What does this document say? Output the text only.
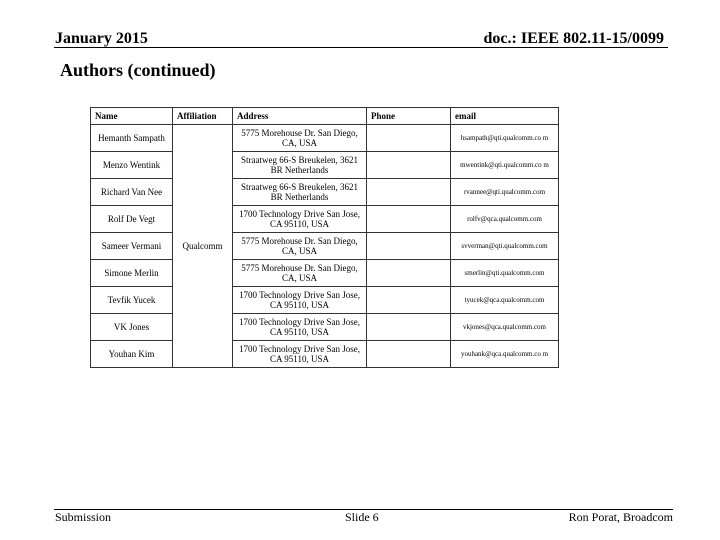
January 2015	doc.: IEEE 802.11-15/0099
Authors (continued)
Name	Affiliation	Address	Phone	email
Hemanth Sampath	Qualcomm	5775 Morehouse Dr. San Diego, CA, USA		hsampath@qti.qualcomm.co m
Menzo Wentink		Straatweg 66-S Breukelen, 3621 BR Netherlands		mwentink@qti.qualcomm.co m
Richard Van Nee		Straatweg 66-S Breukelen, 3621 BR Netherlands		rvannee@qti.qualcomm.com
Rolf De Vegt		1700 Technology Drive San Jose, CA 95110, USA		rolfv@qca.qualcomm.com
Sameer Vermani		5775 Morehouse Dr. San Diego, CA, USA		svverman@qti.qualcomm.com
Simone Merlin		5775 Morehouse Dr. San Diego, CA, USA		smerlin@qti.qualcomm.com
Tevfik Yucek		1700 Technology Drive San Jose, CA 95110, USA		tyucek@qca.qualcomm.com
VK Jones		1700 Technology Drive San Jose, CA 95110, USA		vkjones@qca.qualcomm.com
Youhan Kim		1700 Technology Drive San Jose, CA 95110, USA		youhank@qca.qualcomm.co m
Submission	Slide 6	Ron Porat, Broadcom
